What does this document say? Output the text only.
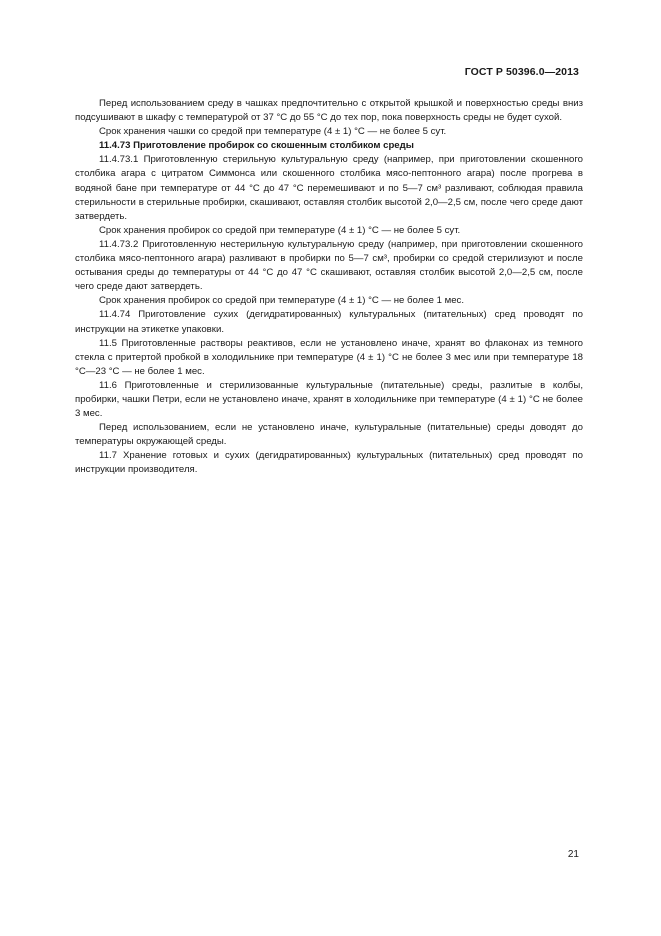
ГОСТ Р 50396.0—2013

Перед использованием среду в чашках предпочтительно с открытой крышкой и поверхностью среды вниз подсушивают в шкафу с температурой от 37 °С до 55 °С до тех пор, пока поверхность среды не будет сухой.

Срок хранения чашки со средой при температуре (4 ± 1) °С — не более 5 сут.

11.4.73 Приготовление пробирок со скошенным столбиком среды

11.4.73.1 Приготовленную стерильную культуральную среду (например, при приготовлении скошенного столбика агара с цитратом Симмонса или скошенного столбика мясо-пептонного агара) после прогрева в водяной бане при температуре от 44 °С до 47 °С перемешивают и по 5—7 см³ разливают, соблюдая правила стерильности в стерильные пробирки, скашивают, оставляя столбик высотой 2,0—2,5 см, после чего среде дают затвердеть.

Срок хранения пробирок со средой при температуре (4 ± 1) °С — не более 5 сут.

11.4.73.2 Приготовленную нестерильную культуральную среду (например, при приготовлении скошенного столбика мясо-пептонного агара) разливают в пробирки по 5—7 см³, пробирки со средой стерилизуют и после остывания среды до температуры от 44 °С до 47 °С скашивают, оставляя столбик высотой 2,0—2,5 см, после чего среде дают затвердеть.

Срок хранения пробирок со средой при температуре (4 ± 1) °С — не более 1 мес.

11.4.74 Приготовление сухих (дегидратированных) культуральных (питательных) сред проводят по инструкции на этикетке упаковки.

11.5 Приготовленные растворы реактивов, если не установлено иначе, хранят во флаконах из темного стекла с притертой пробкой в холодильнике при температуре (4 ± 1) °С не более 3 мес или при температуре 18 °С—23 °С — не более 1 мес.

11.6 Приготовленные и стерилизованные культуральные (питательные) среды, разлитые в колбы, пробирки, чашки Петри, если не установлено иначе, хранят в холодильнике при температуре (4 ± 1) °С не более 3 мес.

Перед использованием, если не установлено иначе, культуральные (питательные) среды доводят до температуры окружающей среды.

11.7 Хранение готовых и сухих (дегидратированных) культуральных (питательных) сред проводят по инструкции производителя.

21
